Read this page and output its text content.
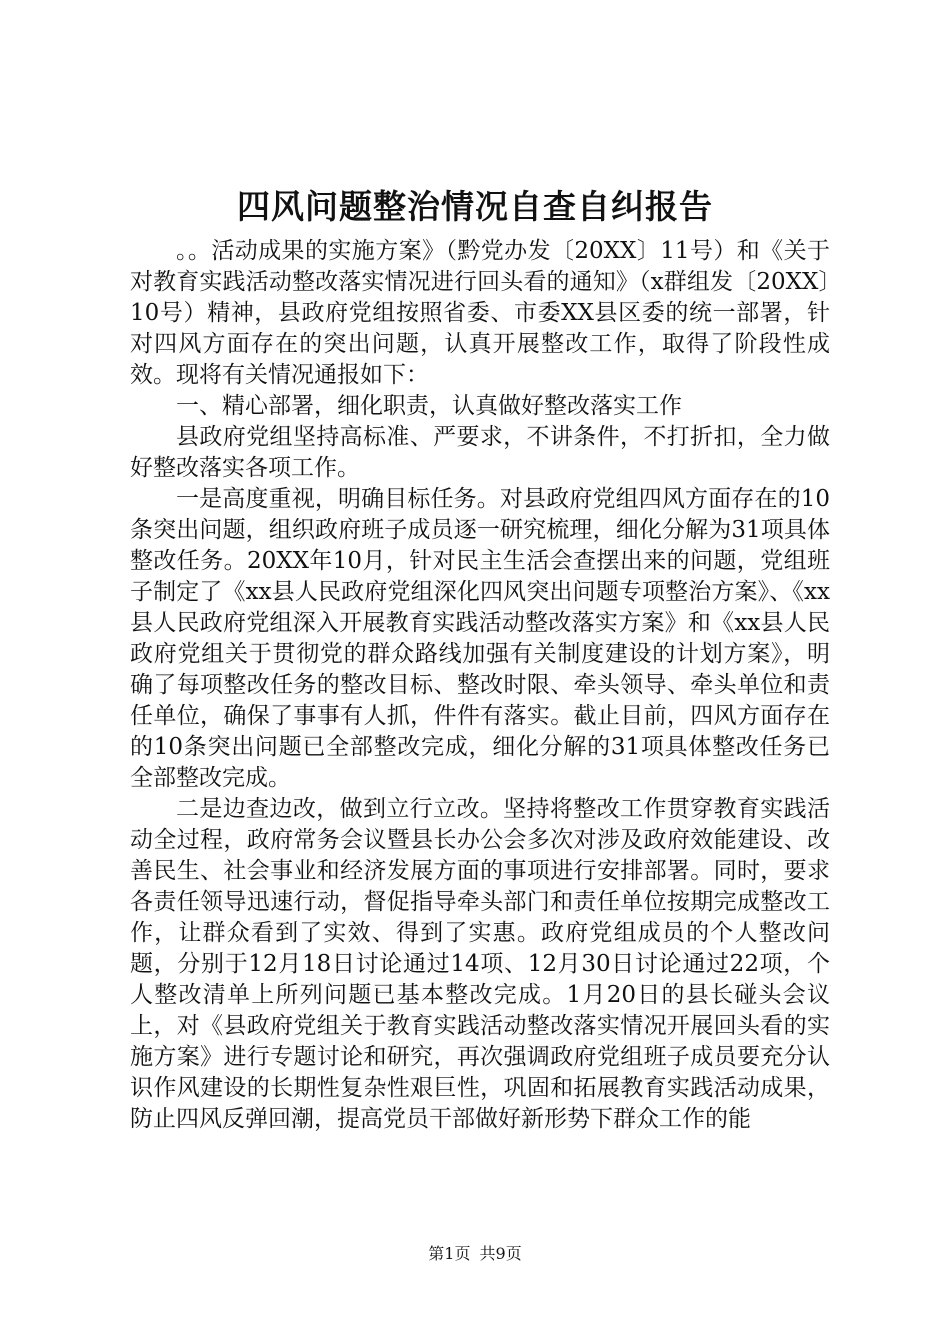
四风问题整治情况自查自纠报告

。。活动成果的实施方案》（黔党办发〔20XX〕11号）和《关于对教育实践活动整改落实情况进行回头看的通知》（x群组发〔20XX〕10号）精神，县政府党组按照省委、市委XX县区委的统一部署，针对四风方面存在的突出问题，认真开展整改工作，取得了阶段性成效。现将有关情况通报如下：

一、精心部署，细化职责，认真做好整改落实工作

县政府党组坚持高标准、严要求，不讲条件，不打折扣，全力做好整改落实各项工作。

一是高度重视，明确目标任务。对县政府党组四风方面存在的10条突出问题，组织政府班子成员逐一研究梳理，细化分解为31项具体整改任务。20XX年10月，针对民主生活会查摆出来的问题，党组班子制定了《xx县人民政府党组深化四风突出问题专项整治方案》、《xx县人民政府党组深入开展教育实践活动整改落实方案》和《xx县人民政府党组关于贯彻党的群众路线加强有关制度建设的计划方案》，明确了每项整改任务的整改目标、整改时限、牵头领导、牵头单位和责任单位，确保了事事有人抓，件件有落实。截止目前，四风方面存在的10条突出问题已全部整改完成，细化分解的31项具体整改任务已全部整改完成。

二是边查边改，做到立行立改。坚持将整改工作贯穿教育实践活动全过程，政府常务会议暨县长办公会多次对涉及政府效能建设、改善民生、社会事业和经济发展方面的事项进行安排部署。同时，要求各责任领导迅速行动，督促指导牵头部门和责任单位按期完成整改工作，让群众看到了实效、得到了实惠。政府党组成员的个人整改问题，分别于12月18日讨论通过14项、12月30日讨论通过22项，个人整改清单上所列问题已基本整改完成。1月20日的县长碰头会议上，对《县政府党组关于教育实践活动整改落实情况开展回头看的实施方案》进行专题讨论和研究，再次强调政府党组班子成员要充分认识作风建设的长期性复杂性艰巨性，巩固和拓展教育实践活动成果，防止四风反弹回潮，提高党员干部做好新形势下群众工作的能

第1页 共9页
